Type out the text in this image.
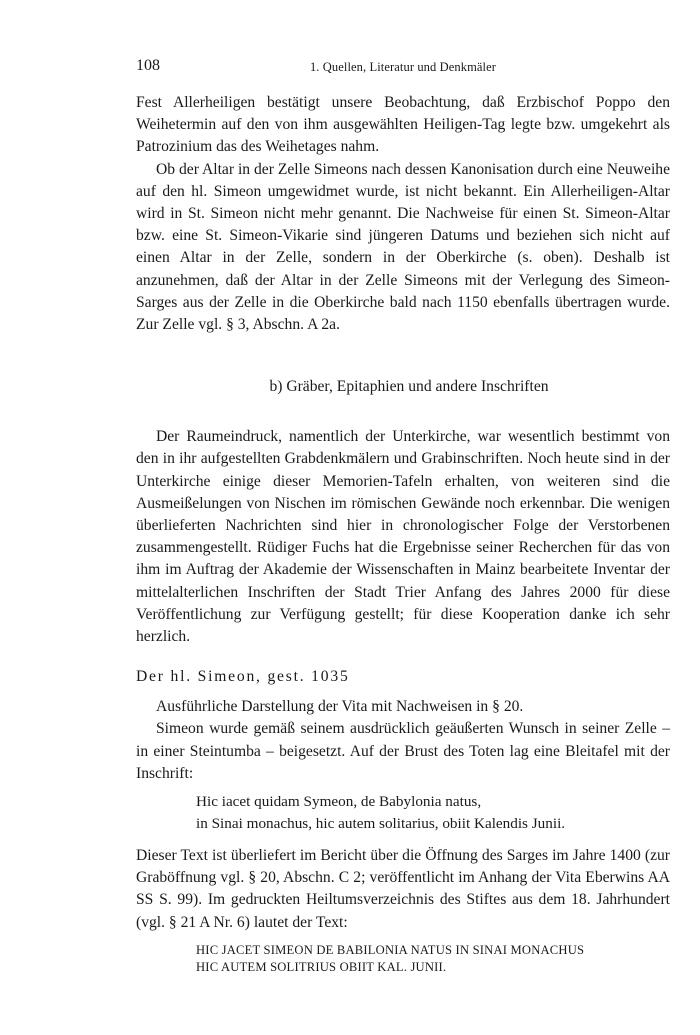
108	1. Quellen, Literatur und Denkmäler

Fest Allerheiligen bestätigt unsere Beobachtung, daß Erzbischof Poppo den Weihetermin auf den von ihm ausgewählten Heiligen-Tag legte bzw. umgekehrt als Patrozinium das des Weihetages nahm.

Ob der Altar in der Zelle Simeons nach dessen Kanonisation durch eine Neuweihe auf den hl. Simeon umgewidmet wurde, ist nicht bekannt. Ein Allerheiligen-Altar wird in St. Simeon nicht mehr genannt. Die Nachweise für einen St. Simeon-Altar bzw. eine St. Simeon-Vikarie sind jüngeren Datums und beziehen sich nicht auf einen Altar in der Zelle, sondern in der Oberkirche (s. oben). Deshalb ist anzunehmen, daß der Altar in der Zelle Simeons mit der Verlegung des Simeon-Sarges aus der Zelle in die Oberkirche bald nach 1150 ebenfalls übertragen wurde. Zur Zelle vgl. § 3, Abschn. A 2a.

b) Gräber, Epitaphien und andere Inschriften

Der Raumeindruck, namentlich der Unterkirche, war wesentlich bestimmt von den in ihr aufgestellten Grabdenkmälern und Grabinschriften. Noch heute sind in der Unterkirche einige dieser Memorien-Tafeln erhalten, von weiteren sind die Ausmeißelungen von Nischen im römischen Gewände noch erkennbar. Die wenigen überlieferten Nachrichten sind hier in chronologischer Folge der Verstorbenen zusammengestellt. Rüdiger Fuchs hat die Ergebnisse seiner Recherchen für das von ihm im Auftrag der Akademie der Wissenschaften in Mainz bearbeitete Inventar der mittelalterlichen Inschriften der Stadt Trier Anfang des Jahres 2000 für diese Veröffentlichung zur Verfügung gestellt; für diese Kooperation danke ich sehr herzlich.

Der hl. Simeon, gest. 1035

Ausführliche Darstellung der Vita mit Nachweisen in § 20.

Simeon wurde gemäß seinem ausdrücklich geäußerten Wunsch in seiner Zelle – in einer Steintumba – beigesetzt. Auf der Brust des Toten lag eine Bleitafel mit der Inschrift:

Hic iacet quidam Symeon, de Babylonia natus,
in Sinai monachus, hic autem solitarius, obiit Kalendis Junii.

Dieser Text ist überliefert im Bericht über die Öffnung des Sarges im Jahre 1400 (zur Graböffnung vgl. § 20, Abschn. C 2; veröffentlicht im Anhang der Vita Eberwins AA SS S. 99). Im gedruckten Heiltumsverzeichnis des Stiftes aus dem 18. Jahrhundert (vgl. § 21 A Nr. 6) lautet der Text:

HIC JACET SIMEON DE BABILONIA NATUS IN SINAI MONACHUS
HIC AUTEM SOLITRIUS OBIIT KAL. JUNII.
